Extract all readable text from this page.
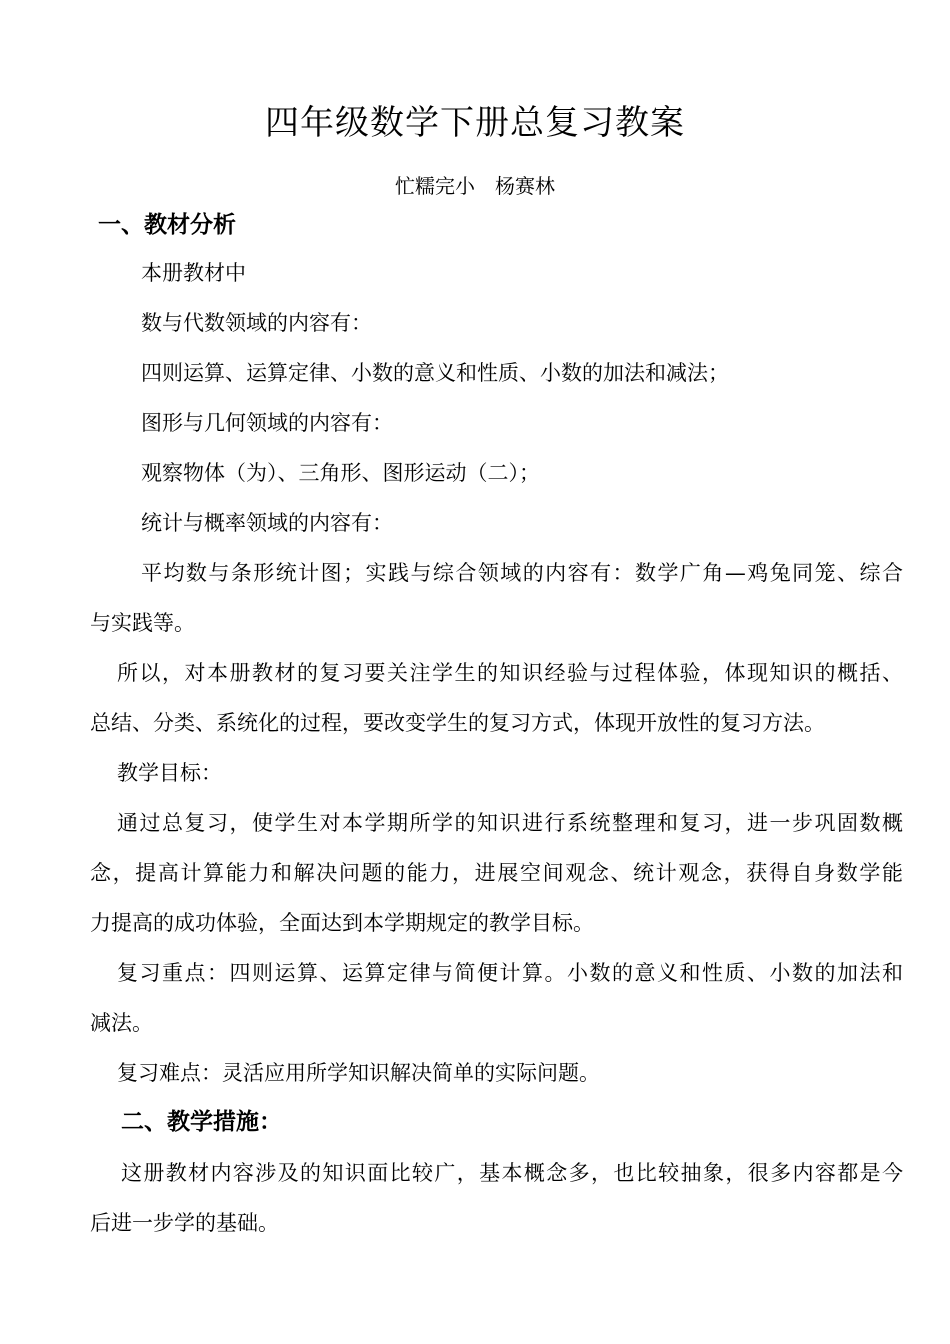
四年级数学下册总复习教案
忙糯完小　杨赛林
一、教材分析
本册教材中
数与代数领域的内容有：
四则运算、运算定律、小数的意义和性质、小数的加法和减法；
图形与几何领域的内容有：
观察物体（为）、三角形、图形运动（二）；
统计与概率领域的内容有：
平均数与条形统计图；实践与综合领域的内容有：数学广角—鸡兔同笼、综合
与实践等。
所以，对本册教材的复习要关注学生的知识经验与过程体验，体现知识的概括、
总结、分类、系统化的过程，要改变学生的复习方式，体现开放性的复习方法。
教学目标：
通过总复习，使学生对本学期所学的知识进行系统整理和复习，进一步巩固数概
念，提高计算能力和解决问题的能力，进展空间观念、统计观念，获得自身数学能
力提高的成功体验，全面达到本学期规定的教学目标。
复习重点：四则运算、运算定律与简便计算。小数的意义和性质、小数的加法和
减法。
复习难点：灵活应用所学知识解决简单的实际问题。
二、教学措施：
这册教材内容涉及的知识面比较广，基本概念多，也比较抽象，很多内容都是今
后进一步学的基础。
